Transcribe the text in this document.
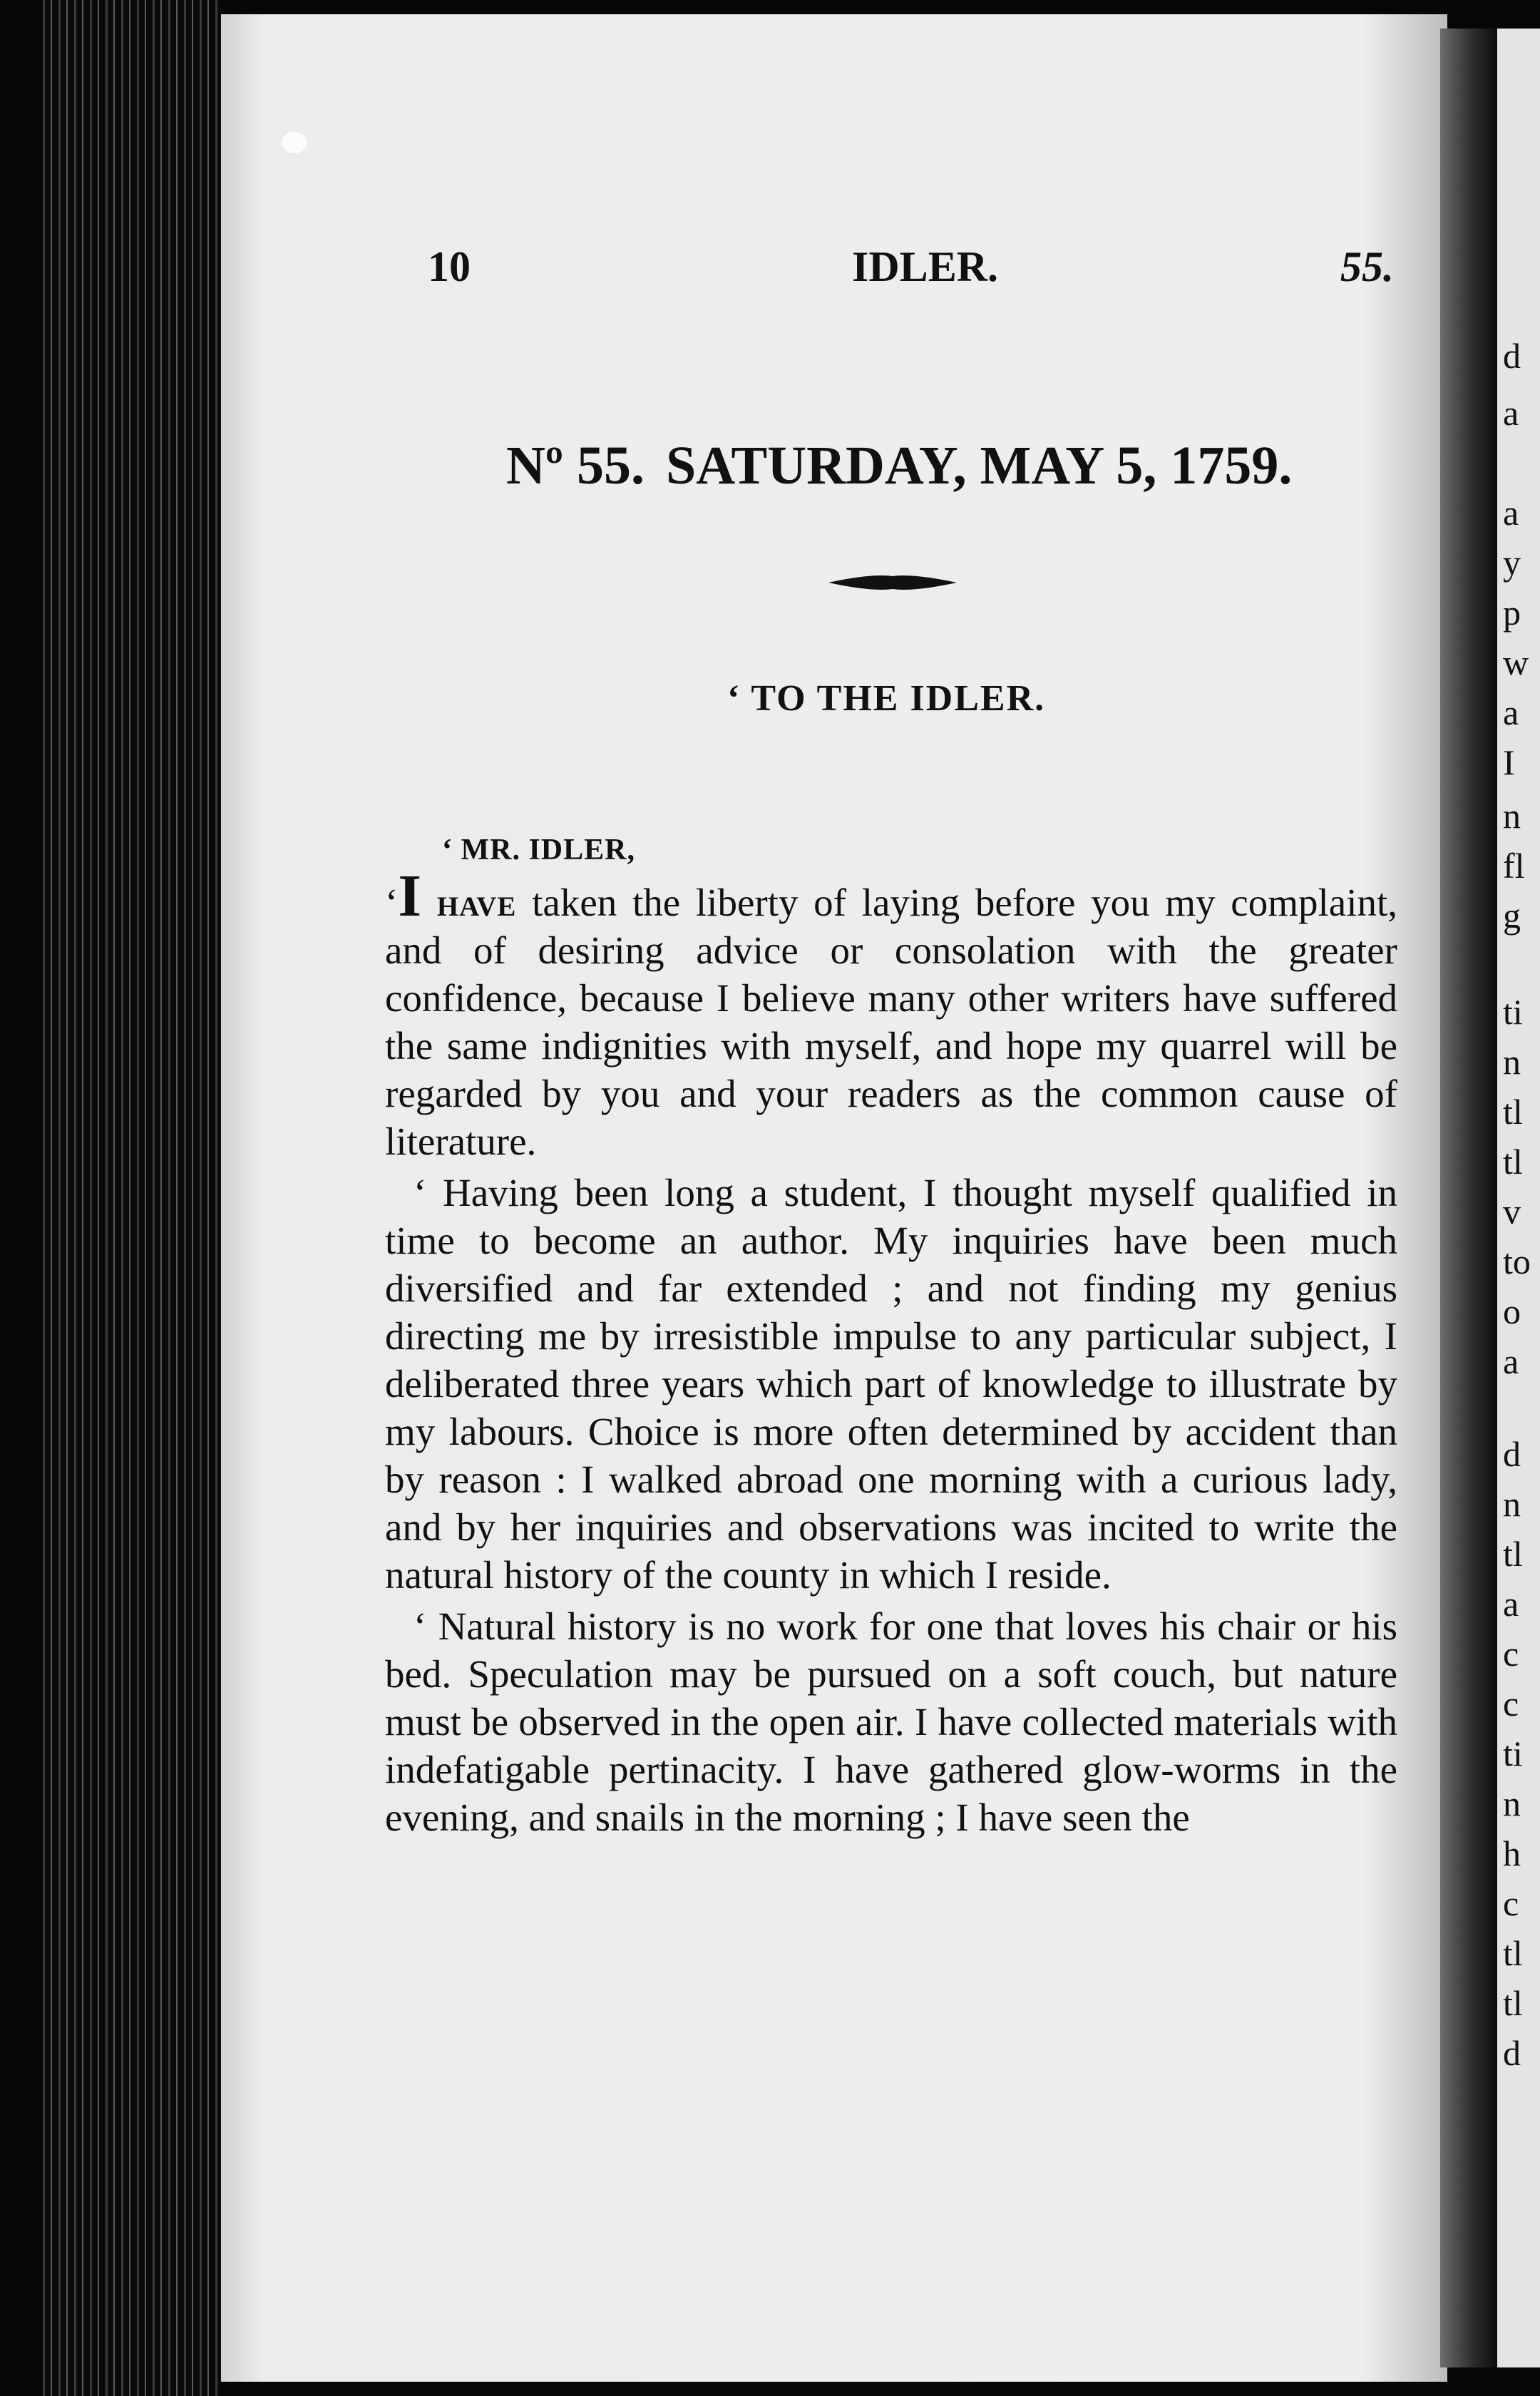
10	IDLER.	55.
Nº 55. SATURDAY, MAY 5, 1759.
‘ TO THE IDLER.
‘ MR. IDLER,

‘I have taken the liberty of laying before you my complaint, and of desiring advice or consolation with the greater confidence, because I believe many other writers have suffered the same indignities with myself, and hope my quarrel will be regarded by you and your readers as the common cause of literature.

‘ Having been long a student, I thought myself qualified in time to become an author. My inquiries have been much diversified and far extended ; and not finding my genius directing me by irresistible impulse to any particular subject, I deliberated three years which part of knowledge to illustrate by my labours. Choice is more often determined by accident than by reason : I walked abroad one morning with a curious lady, and by her inquiries and observations was incited to write the natural history of the county in which I reside.

‘ Natural history is no work for one that loves his chair or his bed. Speculation may be pursued on a soft couch, but nature must be observed in the open air. I have collected materials with indefatigable pertinacity. I have gathered glow-worms in the evening, and snails in the morning ; I have seen the

d
a
a
y
p
w
a
I
n
fl
g
ti
n
tl
tl
v
to
o
a
d
n
tl
a
c
c
ti
n
h
c
tl
tl
d
